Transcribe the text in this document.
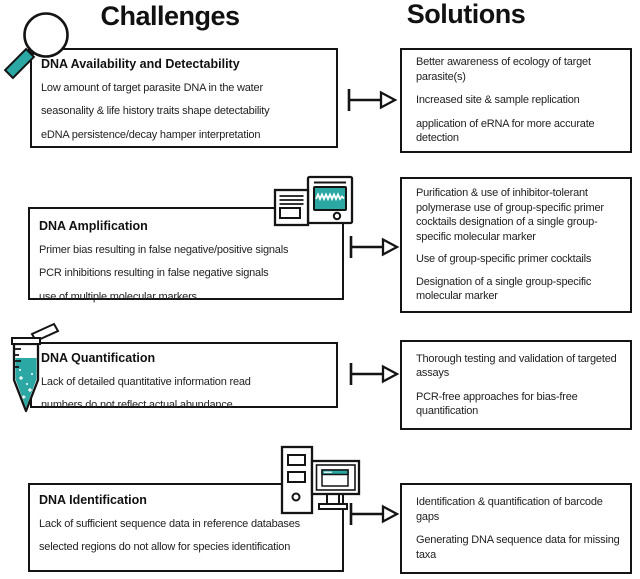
Challenges	Solutions
DNA Availability and Detectability
Low amount of target parasite DNA in the water
seasonality & life history traits shape detectability
eDNA persistence/decay hamper interpretation
DNA Amplification
Primer bias resulting in false negative/positive signals
PCR inhibitions resulting in false negative signals
use of multiple molecular markers
DNA Quantification
Lack of detailed quantitative information read
numbers do not reflect actual abundance
DNA Identification
Lack of sufficient sequence data in reference databases
selected regions do not allow for species identification
Better awareness of ecology of target parasite(s)
Increased site & sample replication
application of eRNA for more accurate detection
Purification & use of inhibitor-tolerant polymerase use of group-specific primer cocktails designation of a single group-specific molecular marker
Use of group-specific primer cocktails
Designation of a single group-specific molecular marker
Thorough testing and validation of targeted assays
PCR-free approaches for bias-free quantification
Identification & quantification of barcode gaps
Generating DNA sequence data for missing taxa
